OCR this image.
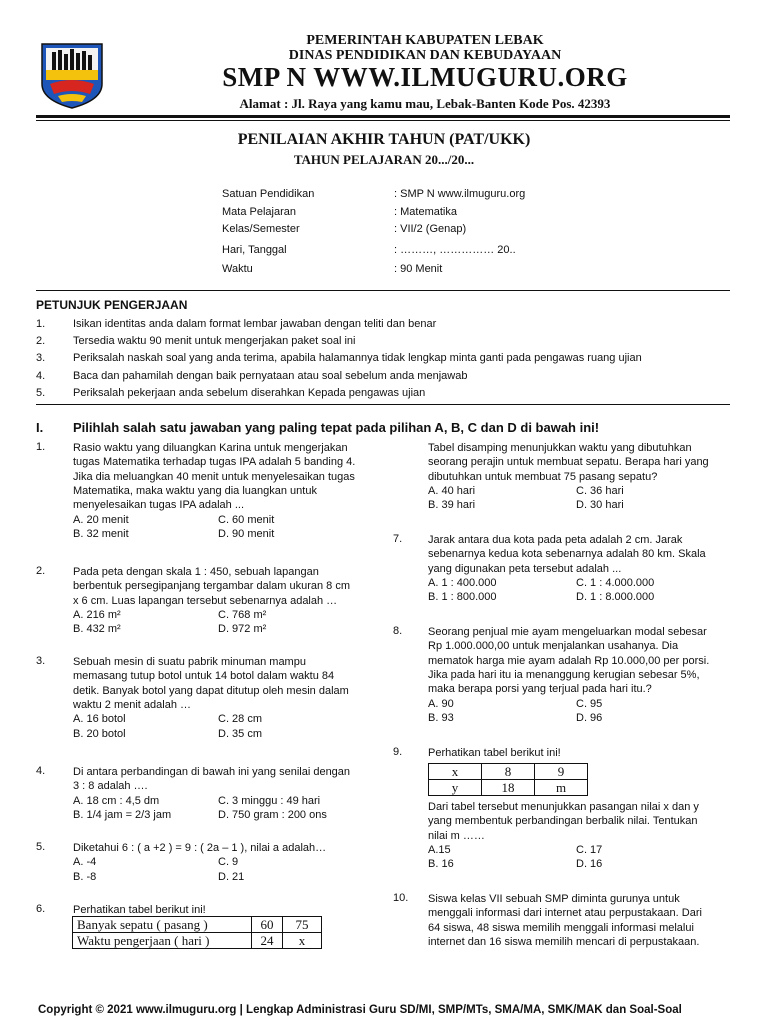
PEMERINTAH KABUPATEN LEBAK
DINAS PENDIDIKAN DAN KEBUDAYAAN
SMP N WWW.ILMUGURU.ORG
Alamat : Jl. Raya yang kamu mau, Lebak-Banten Kode Pos. 42393
PENILAIAN AKHIR TAHUN (PAT/UKK)
TAHUN PELAJARAN 20.../20...
Satuan Pendidikan	: SMP N www.ilmuguru.org
Mata Pelajaran	: Matematika
Kelas/Semester	: VII/2 (Genap)
Hari, Tanggal	: ………, …………… 20..
Waktu	: 90 Menit
PETUNJUK PENGERJAAN
1.	Isikan identitas anda dalam format lembar jawaban dengan teliti dan benar
2.	Tersedia waktu 90 menit untuk mengerjakan paket soal ini
3.	Periksalah naskah soal yang anda terima, apabila halamannya tidak lengkap minta ganti pada pengawas ruang ujian
4.	Baca dan pahamilah dengan baik pernyataan atau soal sebelum anda menjawab
5.	Periksalah pekerjaan anda sebelum diserahkan Kepada pengawas ujian
I. Pilihlah salah satu jawaban yang paling tepat pada pilihan A, B, C dan D di bawah ini!
1.	Rasio waktu yang diluangkan Karina untuk mengerjakan
tugas Matematika terhadap tugas IPA adalah 5 banding 4.
Jika dia meluangkan 40 menit untuk menyelesaikan tugas
Matematika, maka waktu yang dia luangkan untuk
menyelesaikan tugas IPA adalah ...
A. 20 menit	C. 60 menit
B. 32 menit	D. 90 menit
2.	Pada peta dengan skala 1 : 450, sebuah lapangan
berbentuk persegipanjang tergambar dalam ukuran 8 cm
x 6 cm. Luas lapangan tersebut sebenarnya adalah …
A. 216 m²	C. 768 m²
B. 432 m²	D. 972 m²
3.	Sebuah mesin di suatu pabrik minuman mampu
memasang tutup botol untuk 14 botol dalam waktu 84
detik. Banyak botol yang dapat ditutup oleh mesin dalam
waktu 2 menit adalah …
A. 16 botol	C. 28 cm
B. 20 botol	D. 35 cm
4.	Di antara perbandingan di bawah ini yang senilai dengan
3 : 8 adalah ….
A. 18 cm : 4,5 dm	C. 3 minggu : 49 hari
B. 1/4 jam = 2/3 jam	D. 750 gram : 200 ons
5.	Diketahui 6 : ( a +2 ) = 9 : ( 2a – 1 ), nilai a adalah…
A. -4	C. 9
B. -8	D. 21
6.	Perhatikan tabel berikut ini!
Tabel disamping menunjukkan waktu yang dibutuhkan
seorang perajin untuk membuat sepatu. Berapa hari yang
dibutuhkan untuk membuat 75 pasang sepatu?
A. 40 hari	C. 36 hari
B. 39 hari	D. 30 hari
7. Jarak antara dua kota pada peta adalah 2 cm. Jarak
sebenarnya kedua kota sebenarnya adalah 80 km. Skala
yang digunakan peta tersebut adalah ...
A. 1 : 400.000	C. 1 : 4.000.000
B. 1 : 800.000	D. 1 : 8.000.000
8. Seorang penjual mie ayam mengeluarkan modal sebesar
Rp 1.000.000,00 untuk menjalankan usahanya. Dia
mematok harga mie ayam adalah Rp 10.000,00 per porsi.
Jika pada hari itu ia menanggung kerugian sebesar 5%,
maka berapa porsi yang terjual pada hari itu.?
A. 90	C. 95
B. 93	D. 96
9. Perhatikan tabel berikut ini!
10. Siswa kelas VII sebuah SMP diminta gurunya untuk
menggali informasi dari internet atau perpustakaan. Dari
64 siswa, 48 siswa memilih menggali informasi melalui
internet dan 16 siswa memilih mencari di perpustakaan.
Dari tabel tersebut menunjukkan pasangan nilai x dan y
yang membentuk perbandingan berbalik nilai. Tentukan
nilai m ……
A.15	C. 17
B. 16	D. 16
Banyak sepatu ( pasang )	60	75
Waktu pengerjaan ( hari )	24	x
x	8	9
y	18	m
Copyright © 2021 www.ilmuguru.org | Lengkap Administrasi Guru SD/MI, SMP/MTs, SMA/MA, SMK/MAK dan Soal-Soal
